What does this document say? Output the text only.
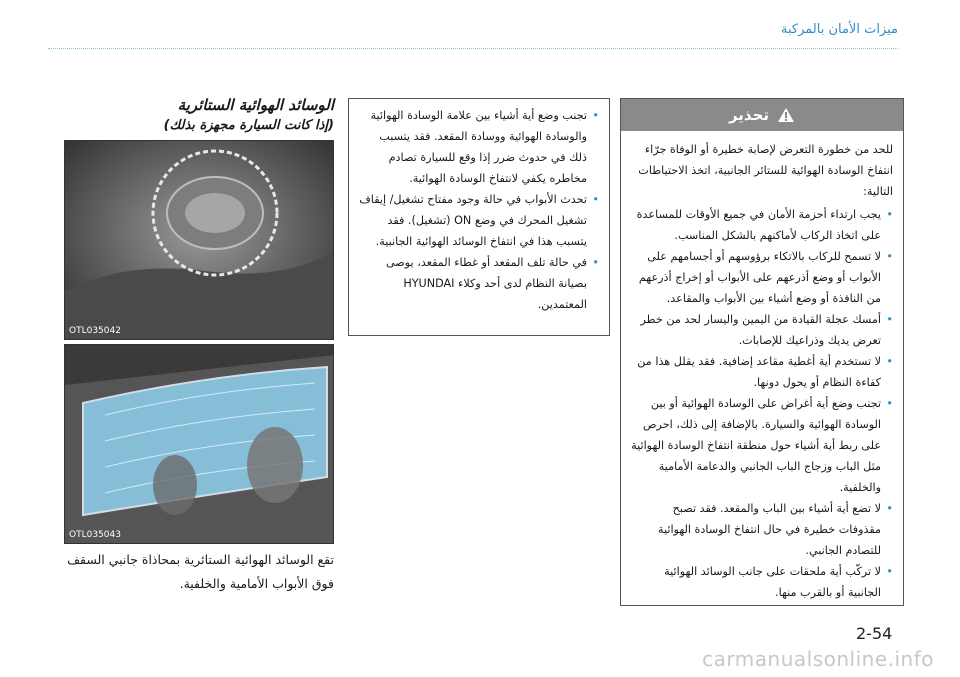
ميزات الأمان بالمركبة
تحذير

للحد من خطورة التعرض لإصابة خطيرة أو الوفاة جرّاء انتفاخ الوسادة الهوائية للستائر الجانبية، اتخذ الاحتياطات التالية:

• يجب ارتداء أحزمة الأمان في جميع الأوقات للمساعدة على اتخاذ الركاب لأماكنهم بالشكل المناسب.
• لا تسمح للركاب بالاتكاء برؤوسهم أو أجسامهم على الأبواب أو وضع أذرعهم على الأبواب أو إخراج أذرعهم من النافذة أو وضع أشياء بين الأبواب والمقاعد.
• أمسك عجلة القيادة من اليمين واليسار لحد من خطر تعرض يديك وذراعيك للإصابات.
• لا تستخدم أية أغطية مقاعد إضافية. فقد يقلل هذا من كفاءة النظام أو يحول دونها.
• تجنب وضع أية أغراض على الوسادة الهوائية أو بين الوسادة الهوائية والسيارة. بالإضافة إلى ذلك، احرص على ربط أية أشياء حول منطقة انتفاخ الوسادة الهوائية مثل الباب وزجاج الباب الجانبي والدعامة الأمامية والخلفية.
• لا تضع أية أشياء بين الباب والمقعد. فقد تصبح مقذوفات خطيرة في حال انتفاخ الوسادة الهوائية للتصادم الجانبي.
• لا تركّب أية ملحقات على جانب الوسائد الهوائية الجانبية أو بالقرب منها.
• تجنب وضع أية أشياء بين علامة الوسادة الهوائية والوسادة الهوائية ووسادة المقعد. فقد يتسبب ذلك في حدوث ضرر إذا وقع للسيارة تصادم مخاطره يكفي لانتفاخ الوسادة الهوائية.
• تحدث الأبواب في حالة وجود مفتاح تشغيل/ إيقاف تشغيل المحرك في وضع ON (تشغيل). فقد يتسبب هذا في انتفاخ الوسائد الهوائية الجانبية.
• في حالة تلف المقعد أو غطاء المقعد، يوصى بصيانة النظام لدى أحد وكلاء HYUNDAI المعتمدين.
الوسائد الهوائية الستائرية
(إذا كانت السيارة مجهزة بذلك)
OTL035042
OTL035043
تقع الوسائد الهوائية الستائرية بمحاذاة جانبي السقف فوق الأبواب الأمامية والخلفية.
2-54
carmanualsonline.info
